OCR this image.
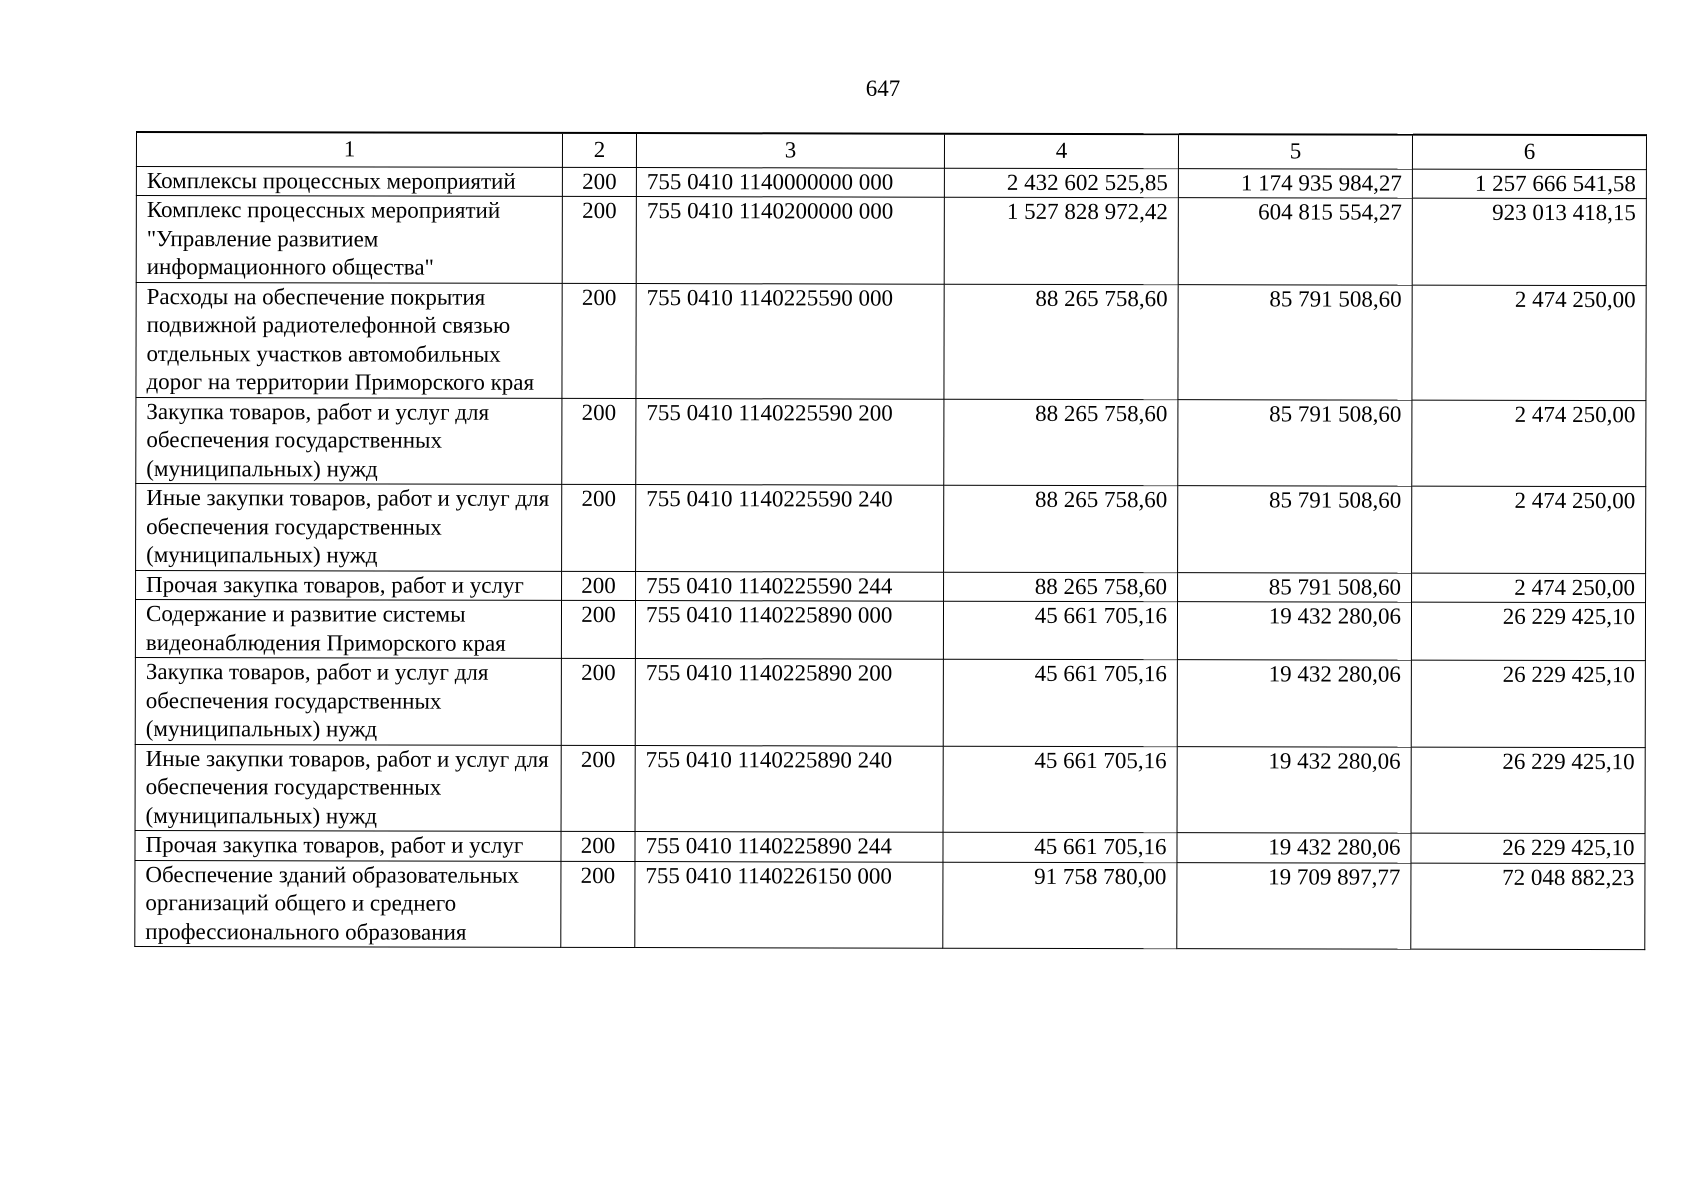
647
1	2	3	4	5	6
Комплексы процессных мероприятий	200	755 0410 1140000000 000	2 432 602 525,85	1 174 935 984,27	1 257 666 541,58
Комплекс процессных мероприятий "Управление развитием информационного общества"	200	755 0410 1140200000 000	1 527 828 972,42	604 815 554,27	923 013 418,15
Расходы на обеспечение покрытия подвижной радиотелефонной связью отдельных участков автомобильных дорог на территории Приморского края	200	755 0410 1140225590 000	88 265 758,60	85 791 508,60	2 474 250,00
Закупка товаров, работ и услуг для обеспечения государственных (муниципальных) нужд	200	755 0410 1140225590 200	88 265 758,60	85 791 508,60	2 474 250,00
Иные закупки товаров, работ и услуг для обеспечения государственных (муниципальных) нужд	200	755 0410 1140225590 240	88 265 758,60	85 791 508,60	2 474 250,00
Прочая закупка товаров, работ и услуг	200	755 0410 1140225590 244	88 265 758,60	85 791 508,60	2 474 250,00
Содержание и развитие системы видеонаблюдения Приморского края	200	755 0410 1140225890 000	45 661 705,16	19 432 280,06	26 229 425,10
Закупка товаров, работ и услуг для обеспечения государственных (муниципальных) нужд	200	755 0410 1140225890 200	45 661 705,16	19 432 280,06	26 229 425,10
Иные закупки товаров, работ и услуг для обеспечения государственных (муниципальных) нужд	200	755 0410 1140225890 240	45 661 705,16	19 432 280,06	26 229 425,10
Прочая закупка товаров, работ и услуг	200	755 0410 1140225890 244	45 661 705,16	19 432 280,06	26 229 425,10
Обеспечение зданий образовательных организаций общего и среднего профессионального образования	200	755 0410 1140226150 000	91 758 780,00	19 709 897,77	72 048 882,23
